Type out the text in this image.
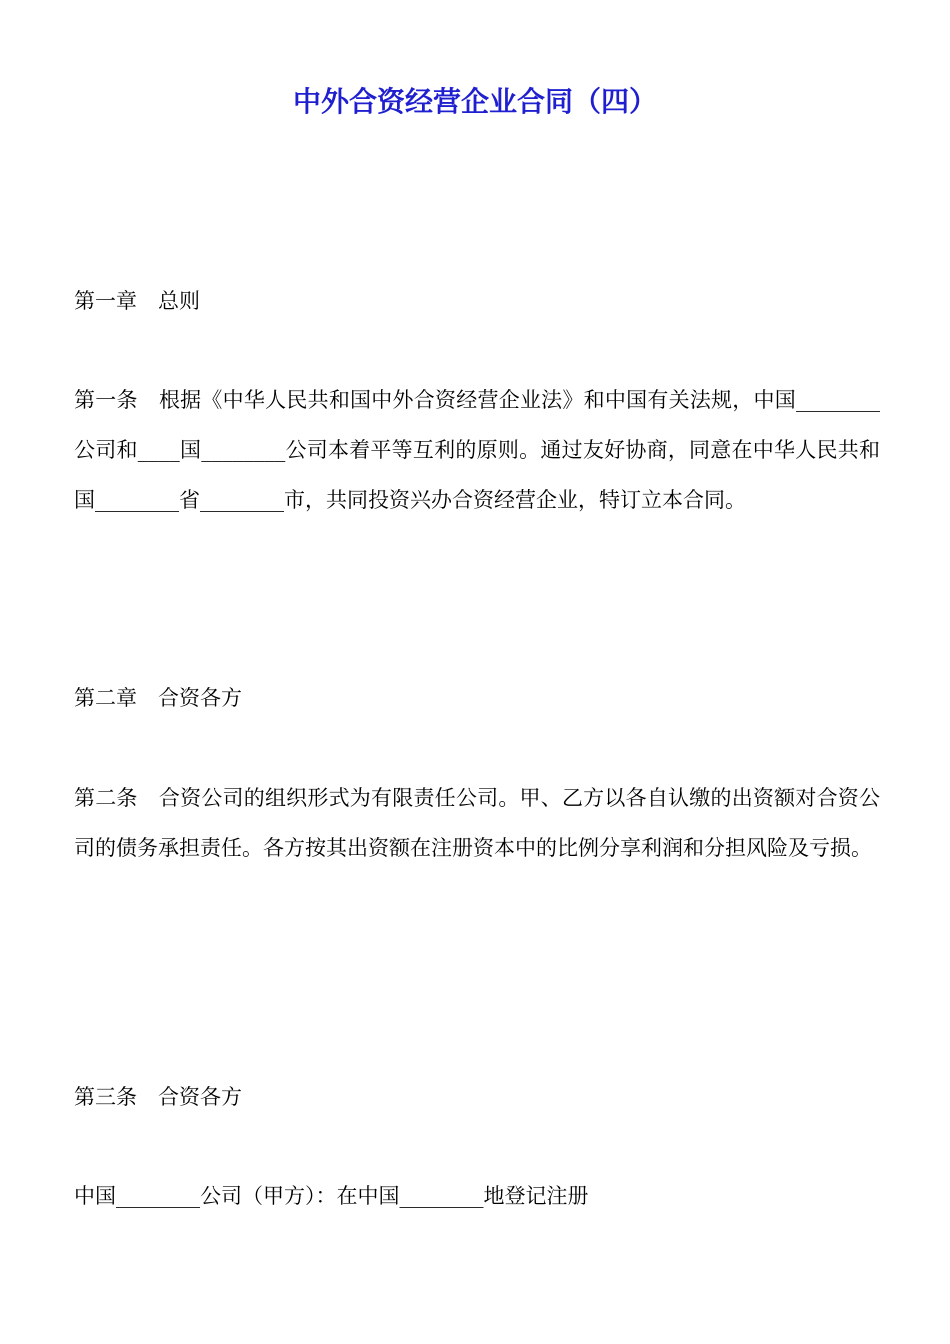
中外合资经营企业合同（四）

第一章　总则

第一条　根据《中华人民共和国中外合资经营企业法》和中国有关法规，中国________公司和____国________公司本着平等互利的原则。通过友好协商，同意在中华人民共和国________省________市，共同投资兴办合资经营企业，特订立本合同。

第二章　合资各方

第二条　合资公司的组织形式为有限责任公司。甲、乙方以各自认缴的出资额对合资公司的债务承担责任。各方按其出资额在注册资本中的比例分享利润和分担风险及亏损。

第三条　合资各方

中国________公司（甲方）：在中国________地登记注册
